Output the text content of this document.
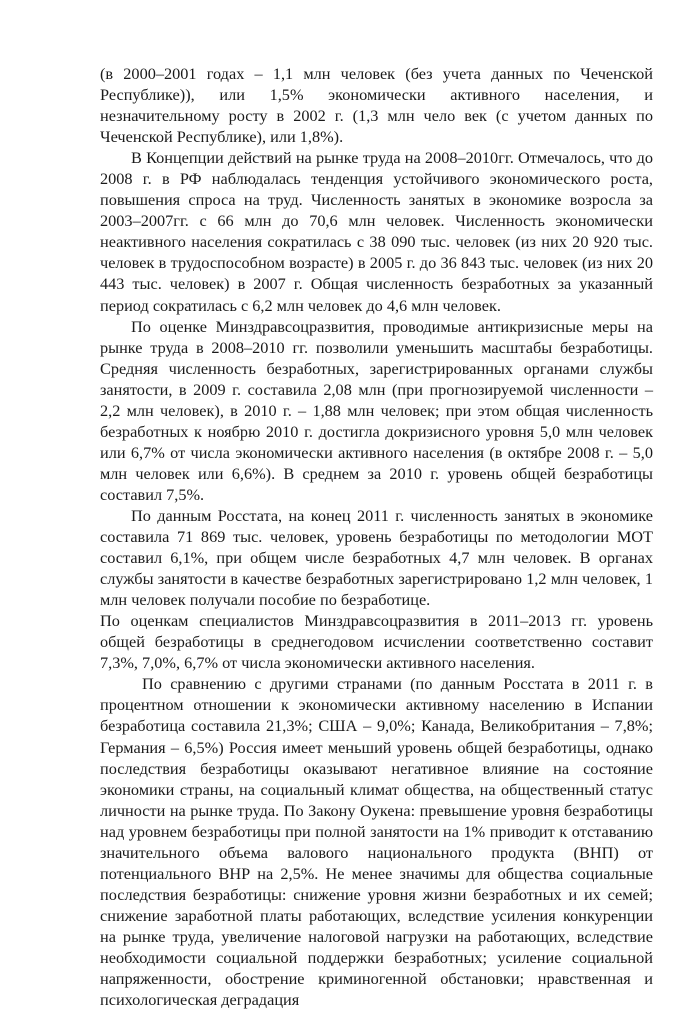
(в 2000–2001 годах – 1,1 млн человек (без учета данных по Чеченской Республике)), или 1,5% экономически активного населения, и незначительному росту в 2002 г. (1,3 млн чело век (с учетом данных по Чеченской Республике), или 1,8%).

В Концепции действий на рынке труда на 2008–2010гг. Отмечалось, что до 2008 г. в РФ наблюдалась тенденция устойчивого экономического роста, повышения спроса на труд. Численность занятых в экономике возросла за 2003–2007гг. с 66 млн до 70,6 млн человек. Численность экономически неактивного населения сократилась с 38 090 тыс. человек (из них 20 920 тыс. человек в трудоспособном возрасте) в 2005 г. до 36 843 тыс. человек (из них 20 443 тыс. человек) в 2007 г. Общая численность безработных за указанный период сократилась с 6,2 млн человек до 4,6 млн человек.

По оценке Минздравсоцразвития, проводимые антикризисные меры на рынке труда в 2008–2010 гг. позволили уменьшить масштабы безработицы. Средняя численность безработных, зарегистрированных органами службы занятости, в 2009 г. составила 2,08 млн (при прогнозируемой численности – 2,2 млн человек), в 2010 г. – 1,88 млн человек; при этом общая численность безработных к ноябрю 2010 г. достигла докризисного уровня 5,0 млн человек или 6,7% от числа экономически активного населения (в октябре 2008 г. – 5,0 млн человек или 6,6%). В среднем за 2010 г. уровень общей безработицы составил 7,5%.

По данным Росстата, на конец 2011 г. численность занятых в экономике составила 71 869 тыс. человек, уровень безработицы по методологии МОТ составил 6,1%, при общем числе безработных 4,7 млн человек. В органах службы занятости в качестве безработных зарегистрировано 1,2 млн человек, 1 млн человек получали пособие по безработице.

По оценкам специалистов Минздравсоцразвития в 2011–2013 гг. уровень общей безработицы в среднегодовом исчислении соответственно составит 7,3%, 7,0%, 6,7% от числа экономически активного населения.

По сравнению с другими странами (по данным Росстата в 2011 г. в процентном отношении к экономически активному населению в Испании безработица составила 21,3%; США – 9,0%; Канада, Великобритания – 7,8%; Германия – 6,5%) Россия имеет меньший уровень общей безработицы, однако последствия безработицы оказывают негативное влияние на состояние экономики страны, на социальный климат общества, на общественный статус личности на рынке труда. По Закону Оукена: превышение уровня безработицы над уровнем безработицы при полной занятости на 1% приводит к отставанию значительного объема валового национального продукта (ВНП) от потенциального ВНР на 2,5%. Не менее значимы для общества социальные последствия безработицы: снижение уровня жизни безработных и их семей; снижение заработной платы работающих, вследствие усиления конкуренции на рынке труда, увеличение налоговой нагрузки на работающих, вследствие необходимости социальной поддержки безработных; усиление социальной напряженности, обострение криминогенной обстановки; нравственная и психологическая деградация
